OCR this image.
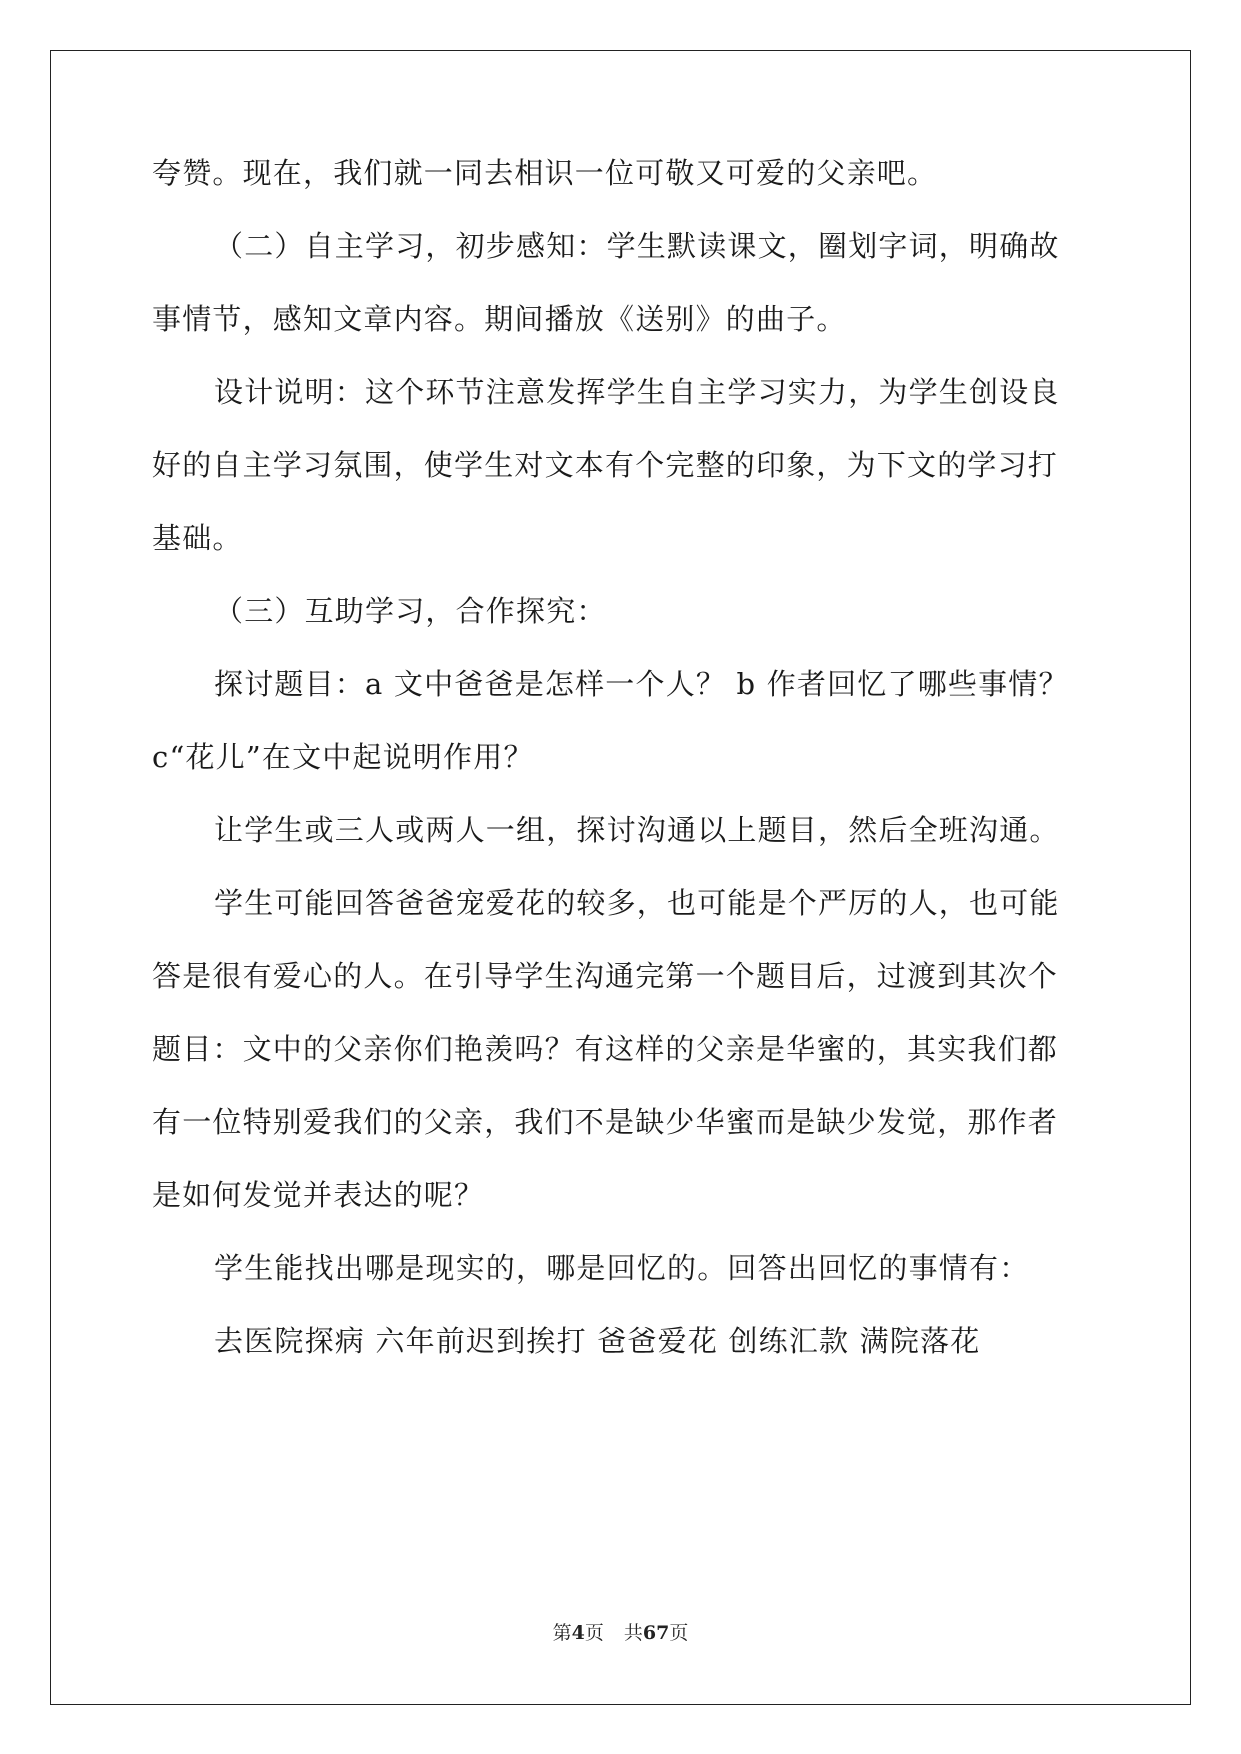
夸赞。现在，我们就一同去相识一位可敬又可爱的父亲吧。
（二）自主学习，初步感知：学生默读课文，圈划字词，明确故
事情节，感知文章内容。期间播放《送别》的曲子。
设计说明：这个环节注意发挥学生自主学习实力，为学生创设良
好的自主学习氛围，使学生对文本有个完整的印象，为下文的学习打
基础。
（三）互助学习，合作探究：
探讨题目：a 文中爸爸是怎样一个人？ b 作者回忆了哪些事情？
c“花儿”在文中起说明作用？
让学生或三人或两人一组，探讨沟通以上题目，然后全班沟通。
学生可能回答爸爸宠爱花的较多，也可能是个严厉的人，也可能
答是很有爱心的人。在引导学生沟通完第一个题目后，过渡到其次个
题目：文中的父亲你们艳羡吗？有这样的父亲是华蜜的，其实我们都
有一位特别爱我们的父亲，我们不是缺少华蜜而是缺少发觉，那作者
是如何发觉并表达的呢？
学生能找出哪是现实的，哪是回忆的。回答出回忆的事情有：
去医院探病 六年前迟到挨打 爸爸爱花 创练汇款 满院落花
第4页 共67页
